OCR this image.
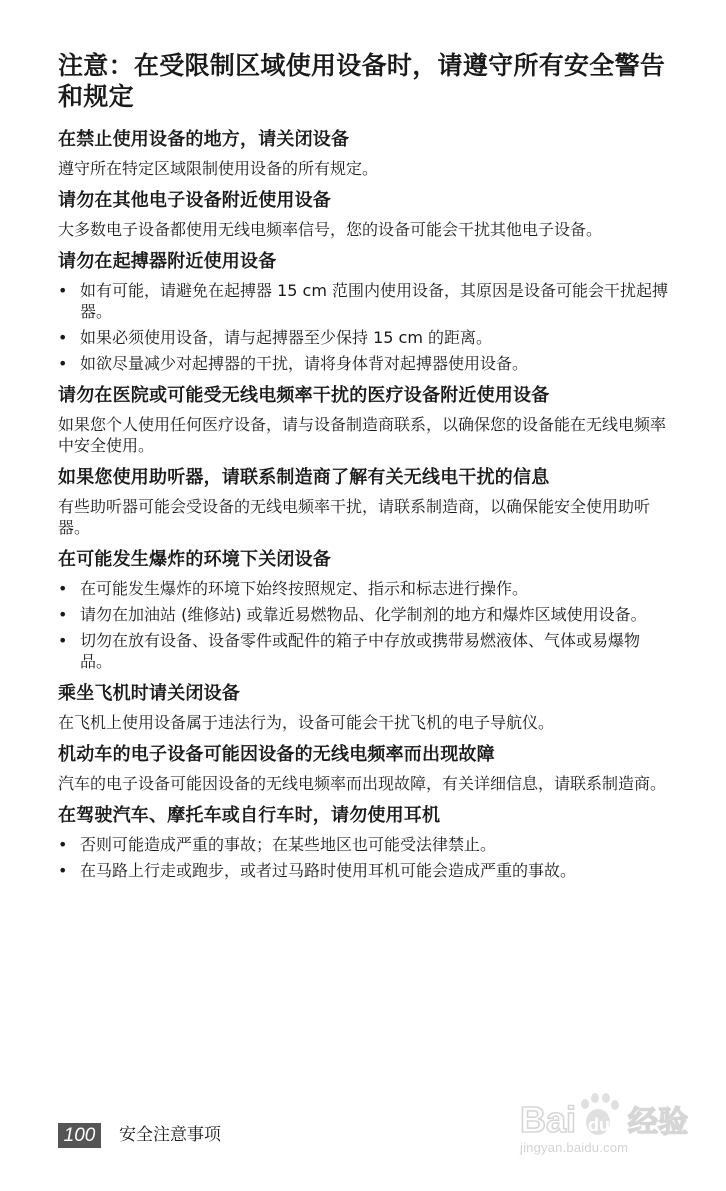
注意：在受限制区域使用设备时，请遵守所有安全警告和规定
在禁止使用设备的地方，请关闭设备

遵守所在特定区域限制使用设备的所有规定。

请勿在其他电子设备附近使用设备

大多数电子设备都使用无线电频率信号，您的设备可能会干扰其他电子设备。

请勿在起搏器附近使用设备
• 如有可能，请避免在起搏器 15 cm 范围内使用设备，其原因是设备可能会干扰起搏器。
• 如果必须使用设备，请与起搏器至少保持 15 cm 的距离。
• 如欲尽量减少对起搏器的干扰，请将身体背对起搏器使用设备。
请勿在医院或可能受无线电频率干扰的医疗设备附近使用设备

如果您个人使用任何医疗设备，请与设备制造商联系，以确保您的设备能在无线电频率中安全使用。

如果您使用助听器，请联系制造商了解有关无线电干扰的信息

有些助听器可能会受设备的无线电频率干扰，请联系制造商，以确保能安全使用助听器。

在可能发生爆炸的环境下关闭设备
• 在可能发生爆炸的环境下始终按照规定、指示和标志进行操作。
• 请勿在加油站 (维修站) 或靠近易燃物品、化学制剂的地方和爆炸区域使用设备。
• 切勿在放有设备、设备零件或配件的箱子中存放或携带易燃液体、气体或易爆物品。
乘坐飞机时请关闭设备

在飞机上使用设备属于违法行为，设备可能会干扰飞机的电子导航仪。

机动车的电子设备可能因设备的无线电频率而出现故障

汽车的电子设备可能因设备的无线电频率而出现故障，有关详细信息，请联系制造商。

在驾驶汽车、摩托车或自行车时，请勿使用耳机
• 否则可能造成严重的事故；在某些地区也可能受法律禁止。
• 在马路上行走或跑步，或者过马路时使用耳机可能会造成严重的事故。
100	安全注意事项	Bai du 经验
jingyan.baidu.com
